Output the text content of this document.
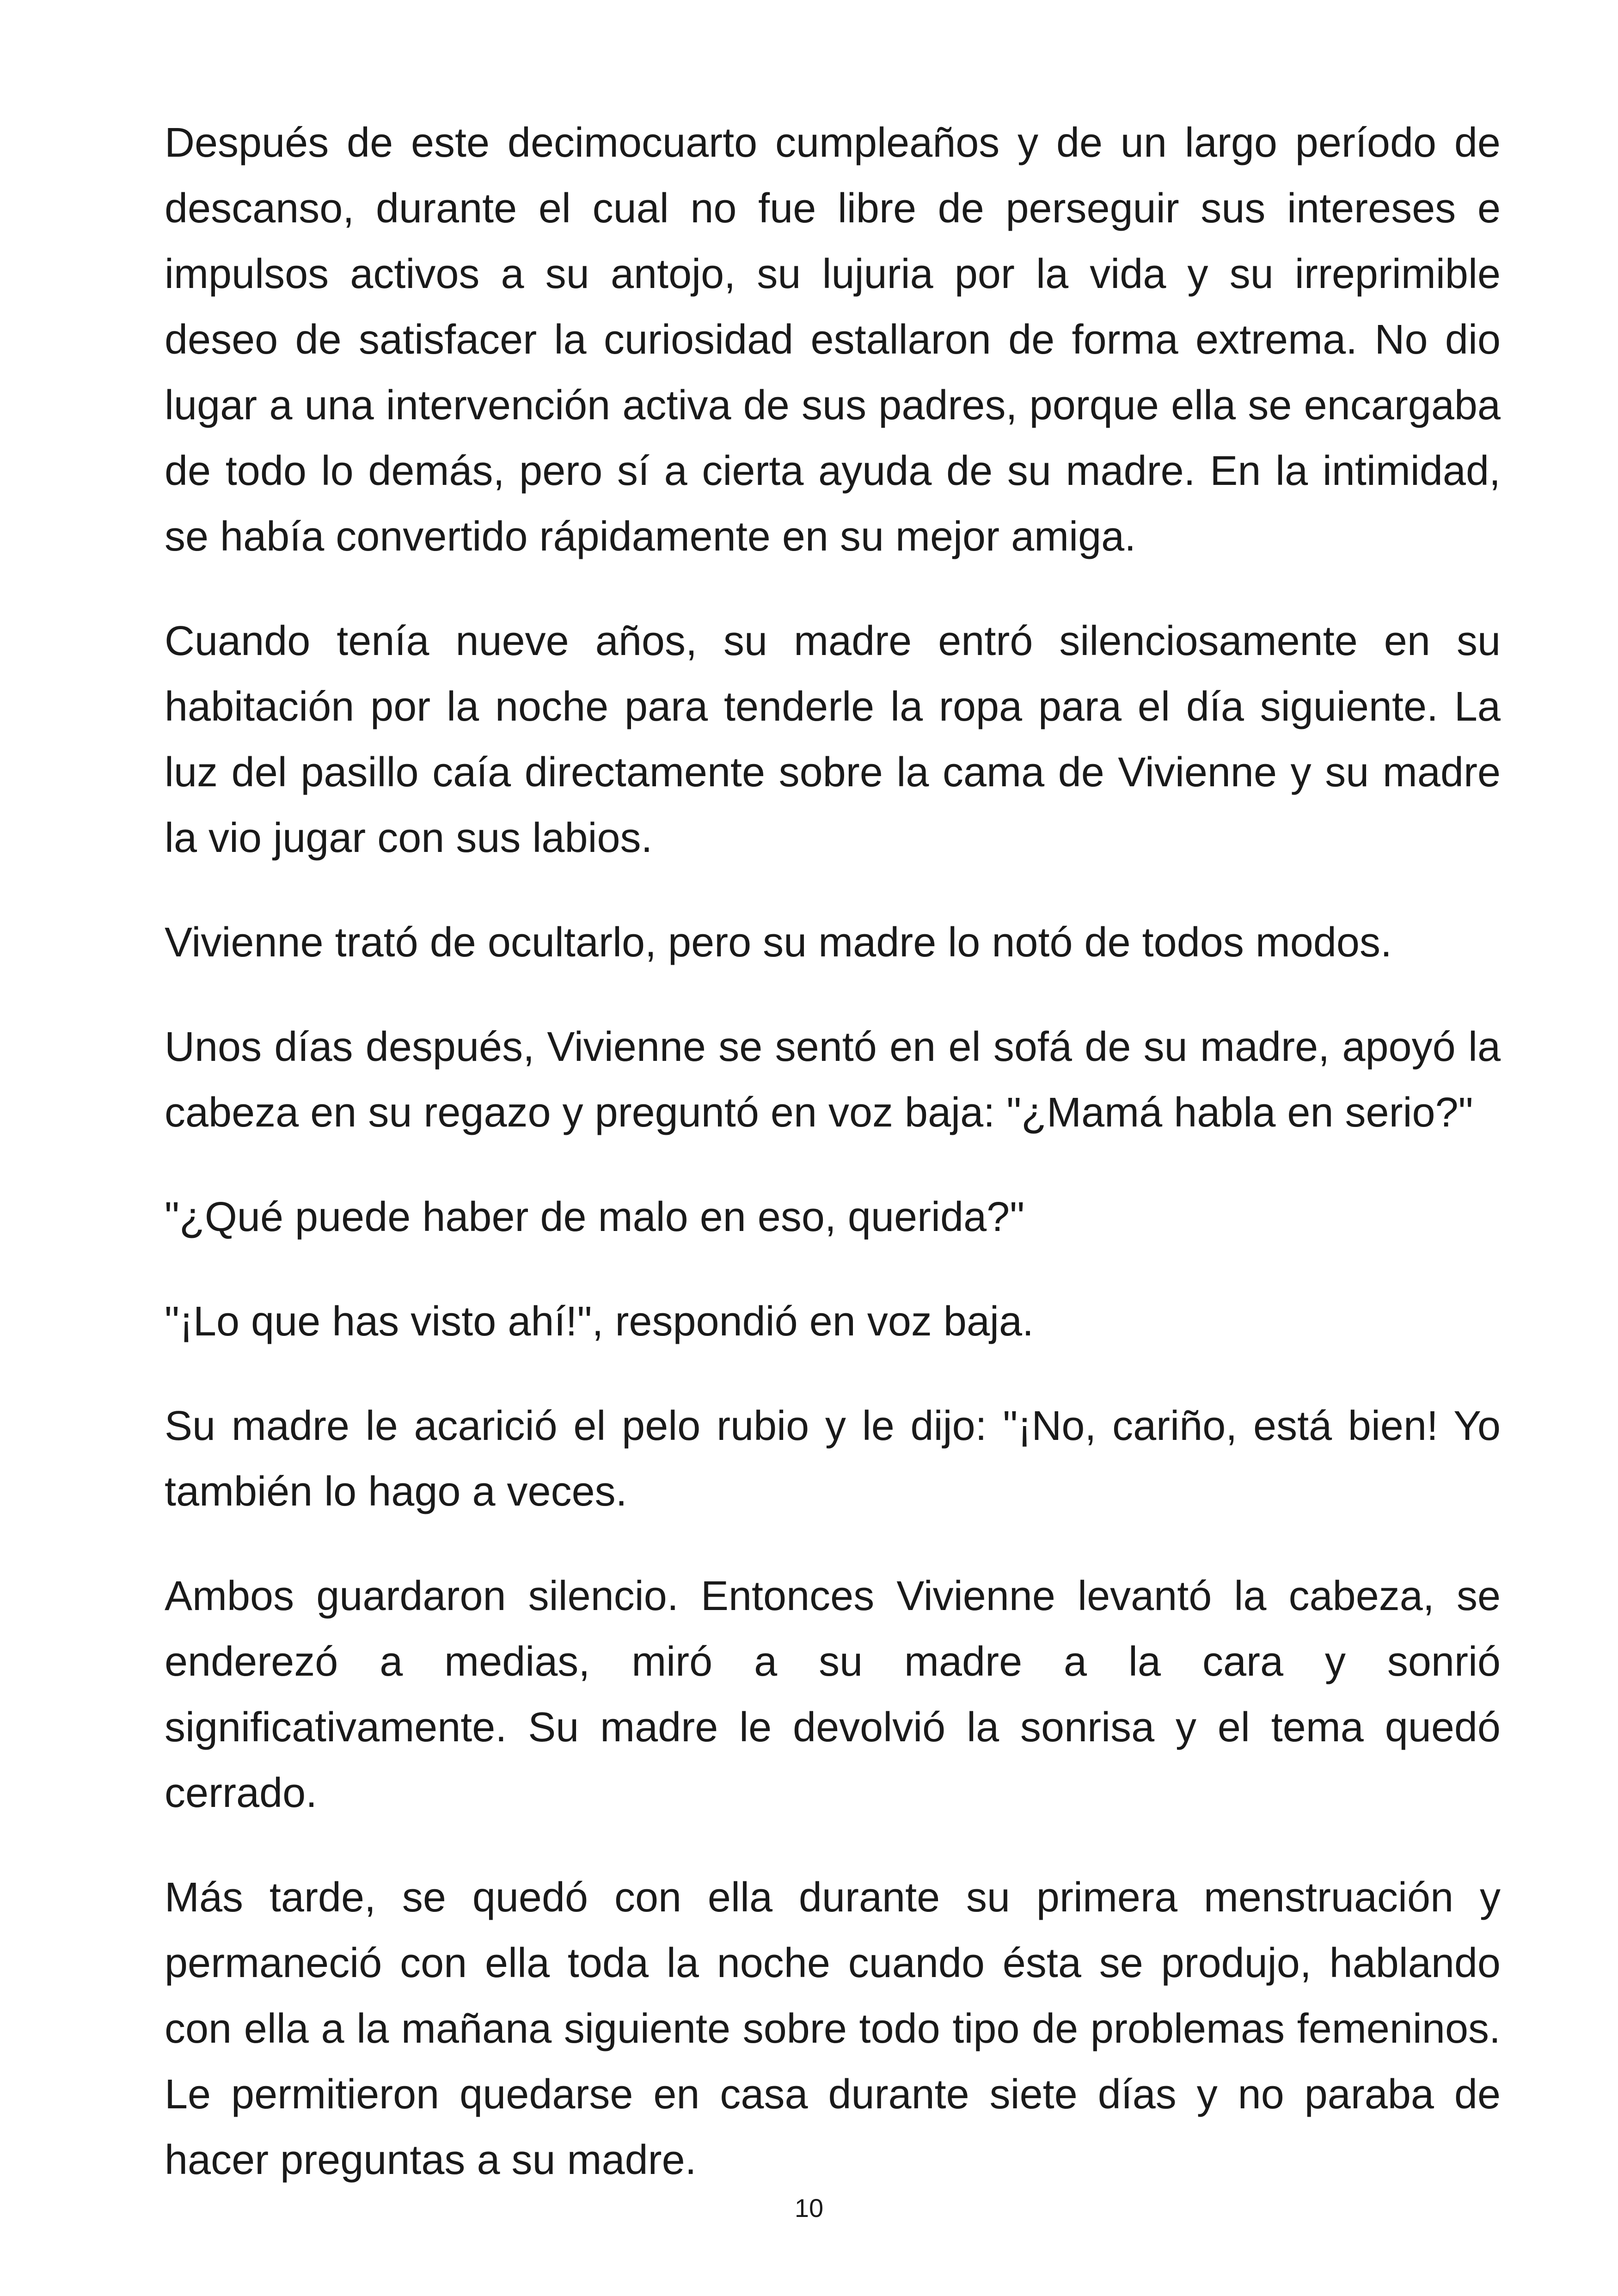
Después de este decimocuarto cumpleaños y de un largo período de descanso, durante el cual no fue libre de perseguir sus intereses e impulsos activos a su antojo, su lujuria por la vida y su irreprimible deseo de satisfacer la curiosidad estallaron de forma extrema. No dio lugar a una intervención activa de sus padres, porque ella se encargaba de todo lo demás, pero sí a cierta ayuda de su madre. En la intimidad, se había convertido rápidamente en su mejor amiga.

Cuando tenía nueve años, su madre entró silenciosamente en su habitación por la noche para tenderle la ropa para el día siguiente. La luz del pasillo caía directamente sobre la cama de Vivienne y su madre la vio jugar con sus labios.

Vivienne trató de ocultarlo, pero su madre lo notó de todos modos.

Unos días después, Vivienne se sentó en el sofá de su madre, apoyó la cabeza en su regazo y preguntó en voz baja: "¿Mamá habla en serio?"

"¿Qué puede haber de malo en eso, querida?"

"¡Lo que has visto ahí!", respondió en voz baja.

Su madre le acarició el pelo rubio y le dijo: "¡No, cariño, está bien! Yo también lo hago a veces.

Ambos guardaron silencio. Entonces Vivienne levantó la cabeza, se enderezó a medias, miró a su madre a la cara y sonrió significativamente. Su madre le devolvió la sonrisa y el tema quedó cerrado.

Más tarde, se quedó con ella durante su primera menstruación y permaneció con ella toda la noche cuando ésta se produjo, hablando con ella a la mañana siguiente sobre todo tipo de problemas femeninos. Le permitieron quedarse en casa durante siete días y no paraba de hacer preguntas a su madre.

10
